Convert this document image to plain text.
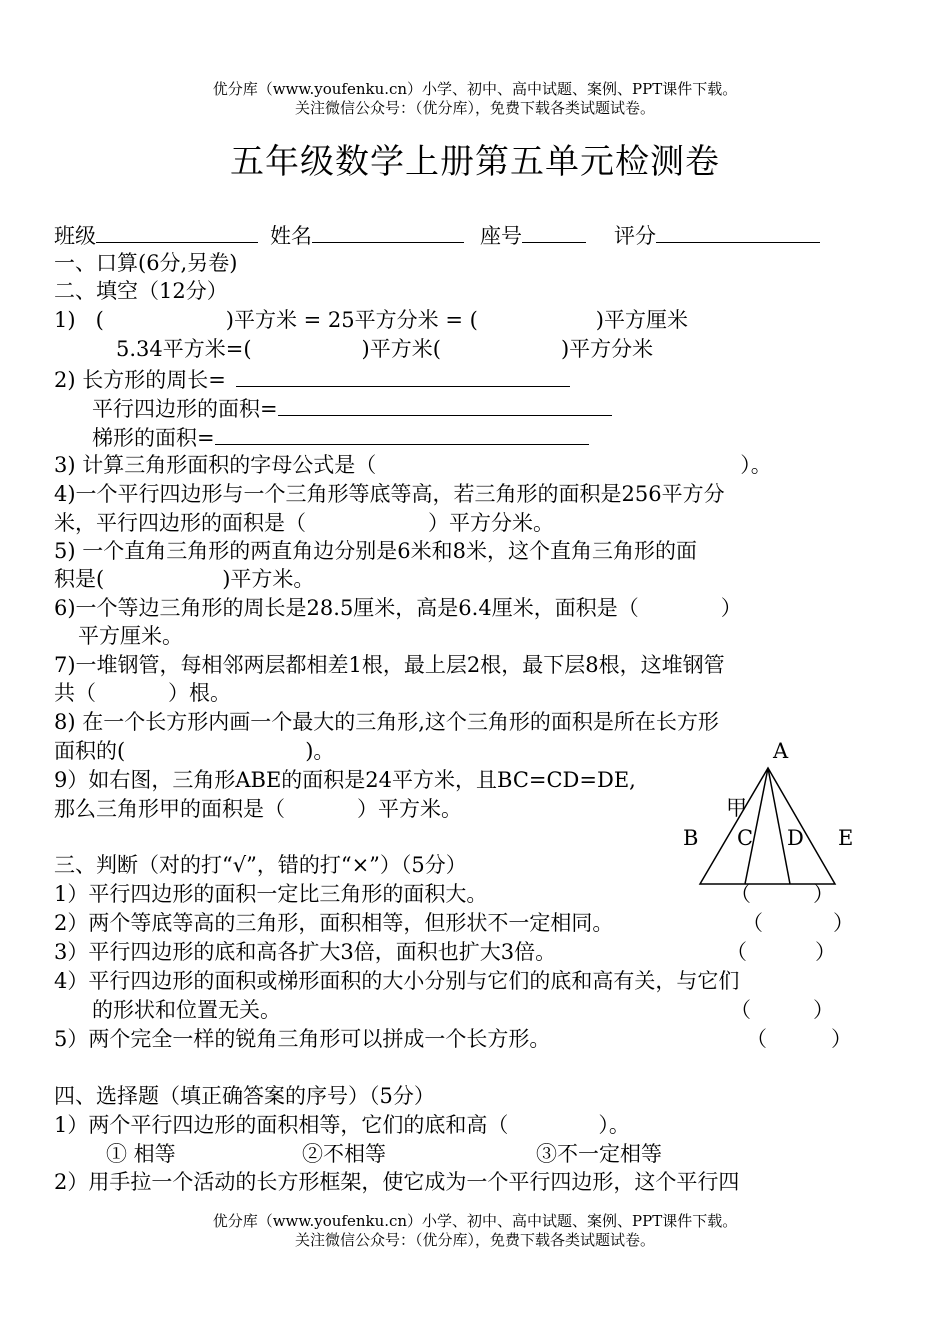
优分库（www.youfenku.cn）小学、初中、高中试题、案例、PPT课件下载。
关注微信公众号：（优分库），免费下载各类试题试卷。
五年级数学上册第五单元检测卷
班级	姓名	座号	评分
一、口算(6分,另卷)
二、填空（12分）
1)   (	)平方米 = 25平方分米 = (	)平方厘米
5.34平方米=(	)平方米(	)平方分米
2) 长方形的周长=
平行四边形的面积=
梯形的面积=
3) 计算三角形面积的字母公式是（	）。
4)一个平行四边形与一个三角形等底等高，若三角形的面积是256平方分
米，平行四边形的面积是（	）平方分米。
5) 一个直角三角形的两直角边分别是6米和8米，这个直角三角形的面
积是(	)平方米。
6)一个等边三角形的周长是28.5厘米，高是6.4厘米，面积是（	）
平方厘米。
7)一堆钢管，每相邻两层都相差1根，最上层2根，最下层8根，这堆钢管
共（	）根。
8) 在一个长方形内画一个最大的三角形,这个三角形的面积是所在长方形
面积的(	)。
9）如右图，三角形ABE的面积是24平方米，且BC=CD=DE,
那么三角形甲的面积是（	）平方米。
A
甲
B C D E
三、判断（对的打“√”，错的打“×”）（5分）
1）平行四边形的面积一定比三角形的面积大。	（	）
2）两个等底等高的三角形，面积相等，但形状不一定相同。	（	）
3）平行四边形的底和高各扩大3倍，面积也扩大3倍。	（	）
4）平行四边形的面积或梯形面积的大小分别与它们的底和高有关，与它们
的形状和位置无关。	（	）
5）两个完全一样的锐角三角形可以拼成一个长方形。	（	）
四、选择题（填正确答案的序号）（5分）
1）两个平行四边形的面积相等，它们的底和高（	）。
① 相等	②不相等	③不一定相等
2）用手拉一个活动的长方形框架，使它成为一个平行四边形，这个平行四
优分库（www.youfenku.cn）小学、初中、高中试题、案例、PPT课件下载。
关注微信公众号：（优分库），免费下载各类试题试卷。
